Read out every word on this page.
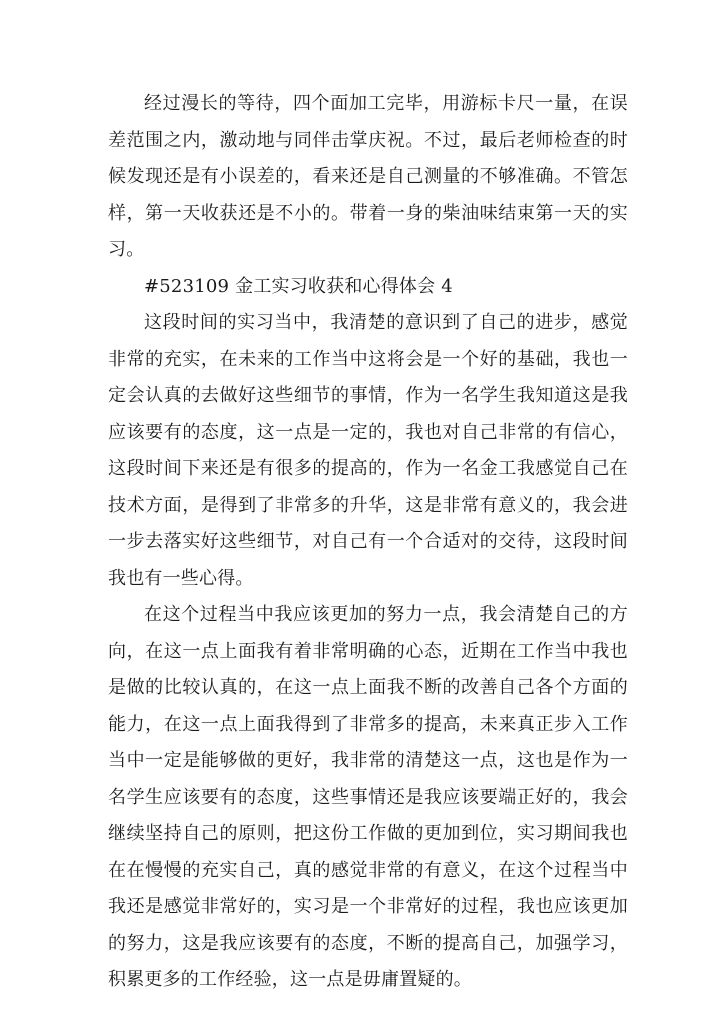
经过漫长的等待，四个面加工完毕，用游标卡尺一量，在误差范围之内，激动地与同伴击掌庆祝。不过，最后老师检查的时候发现还是有小误差的，看来还是自己测量的不够准确。不管怎样，第一天收获还是不小的。带着一身的柴油味结束第一天的实习。

#523109 金工实习收获和心得体会 4

这段时间的实习当中，我清楚的意识到了自己的进步，感觉非常的充实，在未来的工作当中这将会是一个好的基础，我也一定会认真的去做好这些细节的事情，作为一名学生我知道这是我应该要有的态度，这一点是一定的，我也对自己非常的有信心，这段时间下来还是有很多的提高的，作为一名金工我感觉自己在技术方面，是得到了非常多的升华，这是非常有意义的，我会进一步去落实好这些细节，对自己有一个合适对的交待，这段时间我也有一些心得。

在这个过程当中我应该更加的努力一点，我会清楚自己的方向，在这一点上面我有着非常明确的心态，近期在工作当中我也是做的比较认真的，在这一点上面我不断的改善自己各个方面的能力，在这一点上面我得到了非常多的提高，未来真正步入工作当中一定是能够做的更好，我非常的清楚这一点，这也是作为一名学生应该要有的态度，这些事情还是我应该要端正好的，我会继续坚持自己的原则，把这份工作做的更加到位，实习期间我也在在慢慢的充实自己，真的感觉非常的有意义，在这个过程当中我还是感觉非常好的，实习是一个非常好的过程，我也应该更加的努力，这是我应该要有的态度，不断的提高自己，加强学习，积累更多的工作经验，这一点是毋庸置疑的。
